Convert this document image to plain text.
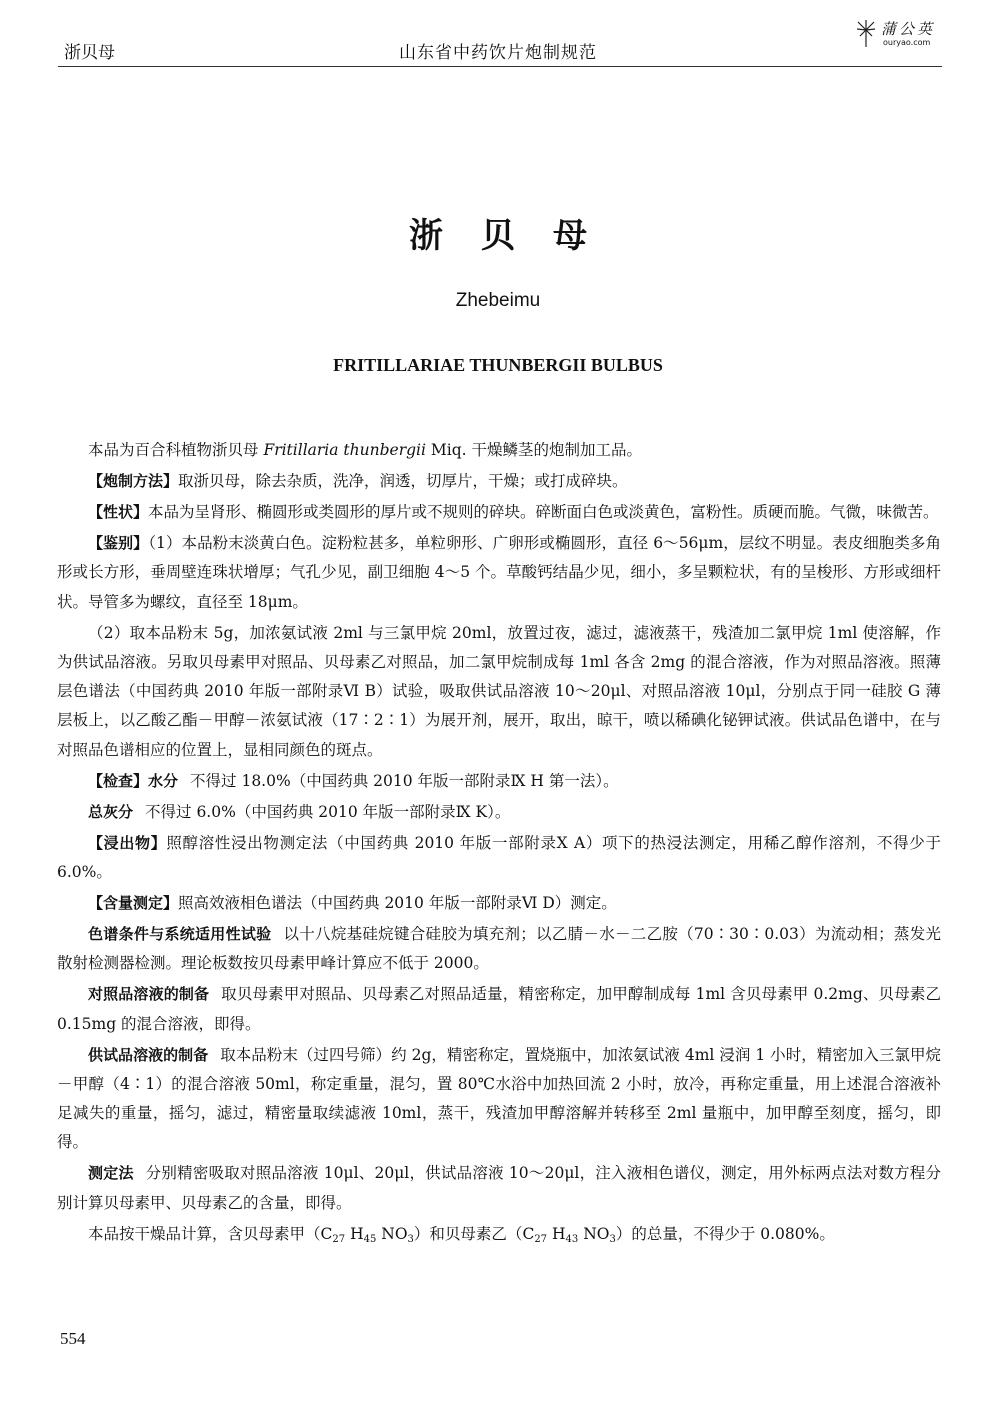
浙贝母	山东省中药饮片炮制规范
蒲公英
ouryao.com
浙贝母
Zhebeimu
FRITILLARIAE THUNBERGII BULBUS

本品为百合科植物浙贝母 Fritillaria thunbergii Miq. 干燥鳞茎的炮制加工品。

【炮制方法】取浙贝母，除去杂质，洗净，润透，切厚片，干燥；或打成碎块。

【性状】本品为呈肾形、椭圆形或类圆形的厚片或不规则的碎块。碎断面白色或淡黄色，富粉性。质硬而脆。气微，味微苦。

【鉴别】（1）本品粉末淡黄白色。淀粉粒甚多，单粒卵形、广卵形或椭圆形，直径 6～56μm，层纹不明显。表皮细胞类多角形或长方形，垂周壁连珠状增厚；气孔少见，副卫细胞 4～5 个。草酸钙结晶少见，细小，多呈颗粒状，有的呈梭形、方形或细杆状。导管多为螺纹，直径至 18μm。

（2）取本品粉末 5g，加浓氨试液 2ml 与三氯甲烷 20ml，放置过夜，滤过，滤液蒸干，残渣加二氯甲烷 1ml 使溶解，作为供试品溶液。另取贝母素甲对照品、贝母素乙对照品，加二氯甲烷制成每 1ml 各含 2mg 的混合溶液，作为对照品溶液。照薄层色谱法（中国药典 2010 年版一部附录Ⅵ B）试验，吸取供试品溶液 10～20μl、对照品溶液 10μl，分别点于同一硅胶 G 薄层板上，以乙酸乙酯－甲醇－浓氨试液（17∶2∶1）为展开剂，展开，取出，晾干，喷以稀碘化铋钾试液。供试品色谱中，在与对照品色谱相应的位置上，显相同颜色的斑点。

【检查】水分 不得过 18.0%（中国药典 2010 年版一部附录Ⅸ H 第一法）。

总灰分 不得过 6.0%（中国药典 2010 年版一部附录Ⅸ K）。

【浸出物】照醇溶性浸出物测定法（中国药典 2010 年版一部附录Ⅹ A）项下的热浸法测定，用稀乙醇作溶剂，不得少于 6.0%。

【含量测定】照高效液相色谱法（中国药典 2010 年版一部附录Ⅵ D）测定。

色谱条件与系统适用性试验 以十八烷基硅烷键合硅胶为填充剂；以乙腈－水－二乙胺（70∶30∶0.03）为流动相；蒸发光散射检测器检测。理论板数按贝母素甲峰计算应不低于 2000。

对照品溶液的制备 取贝母素甲对照品、贝母素乙对照品适量，精密称定，加甲醇制成每 1ml 含贝母素甲 0.2mg、贝母素乙 0.15mg 的混合溶液，即得。

供试品溶液的制备 取本品粉末（过四号筛）约 2g，精密称定，置烧瓶中，加浓氨试液 4ml 浸润 1 小时，精密加入三氯甲烷－甲醇（4∶1）的混合溶液 50ml，称定重量，混匀，置 80℃水浴中加热回流 2 小时，放冷，再称定重量，用上述混合溶液补足减失的重量，摇匀，滤过，精密量取续滤液 10ml，蒸干，残渣加甲醇溶解并转移至 2ml 量瓶中，加甲醇至刻度，摇匀，即得。

测定法 分别精密吸取对照品溶液 10μl、20μl，供试品溶液 10～20μl，注入液相色谱仪，测定，用外标两点法对数方程分别计算贝母素甲、贝母素乙的含量，即得。

本品按干燥品计算，含贝母素甲（$C_{27}$ $H_{45}$ $NO_3$）和贝母素乙（$C_{27}$ $H_{43}$ $NO_3$）的总量，不得少于 0.080%。

554
